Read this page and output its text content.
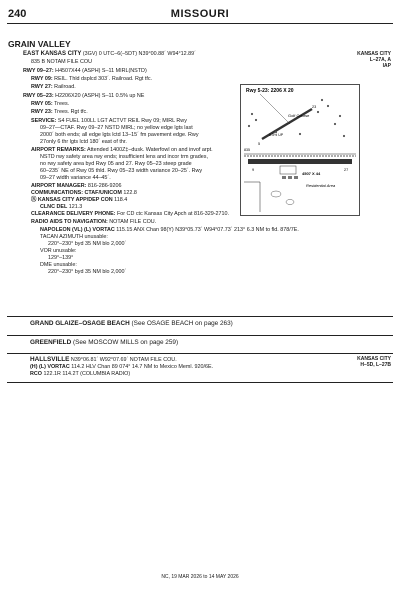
240	MISSOURI
GRAIN VALLEY
EAST KANSAS CITY (3GV) 0 UTC–6(–5DT) N39°00.88´ W94°12.89´
835 B NOTAM FILE COU
KANSAS CITY
L–27A, A
IAP
RWY 09–27: H4507X44 (ASPH) S–11 MIRL(NSTD)
RWY 09: REIL. Thld dsplcd 303´. Railroad. Rgt tfc.
RWY 27: Railroad.
RWY 05–23: H2206X20 (ASPH) S–11 0.5% up NE
RWY 05: Trees.
RWY 23: Trees. Rgt tfc.
SERVICE: S4 FUEL 100LL LGT ACTVT REIL Rwy 09; MIRL Rwy
09–27—CTAF. Rwy 09–27 NSTD MIRL; no yellow edge lgts last
2000´ both ends; all edge lgts lctd 13–15´ fm pavement edge. Rwy
27only 6 thr lgts lctd 180´ east of thr.
AIRPORT REMARKS: Attended 1400Z‡–dusk. Waterfowl on and invof arpt.
NSTD rwy safety area rwy ends; insufficient lens and incor trm grades,
no rwy safety area byd Rwy 05 and 27. Rwy 05–23 steep grade
60–235´ NE of Rwy 05 thld. Rwy 05–23 width variance 20–25´. Rwy
09–27 width variance 44–45´.
AIRPORT MANAGER: 816-286-9206
COMMUNICATIONS: CTAF/UNICOM 122.8
Ⓡ KANSAS CITY APP/DEP CON 118.4
CLNC DEL 121.3
CLEARANCE DELIVERY PHONE: For CD ctc Kansas City Apch at 816-329-2710.
RADIO AIDS TO NAVIGATION: NOTAM FILE COU.
NAPOLEON (VL) (L) VORTAC 115.15 ANX Chan 98(Y) N39°05.73´ W94°07.73´ 213° 6.3 NM to fld. 878/7E.
TACAN AZIMUTH unusable:
220°–230° byd 35 NM blo 2,000´
VOR unusable:
129°–139°
DME unusable:
220°–230° byd 35 NM blo 2,000´
Rwy 5-23: 2206 X 20
Golf Course
0.5% UP
9	27
5
23
4507 X 44
835
Residential Area
GRAND GLAIZE–OSAGE BEACH (See OSAGE BEACH on page 263)
GREENFIELD (See MOSCOW MILLS on page 259)
HALLSVILLE N39°06.81´ W92°07.69´ NOTAM FILE COU.	KANSAS CITY
H–5D, L–27B
(H) (L) VORTAC 114.2 HLV Chan 89 074° 14.7 NM to Mexico Meml. 920/6E.
RCO 122.1R 114.2T (COLUMBIA RADIO)
NC, 19 MAR 2026 to 14 MAY 2026
